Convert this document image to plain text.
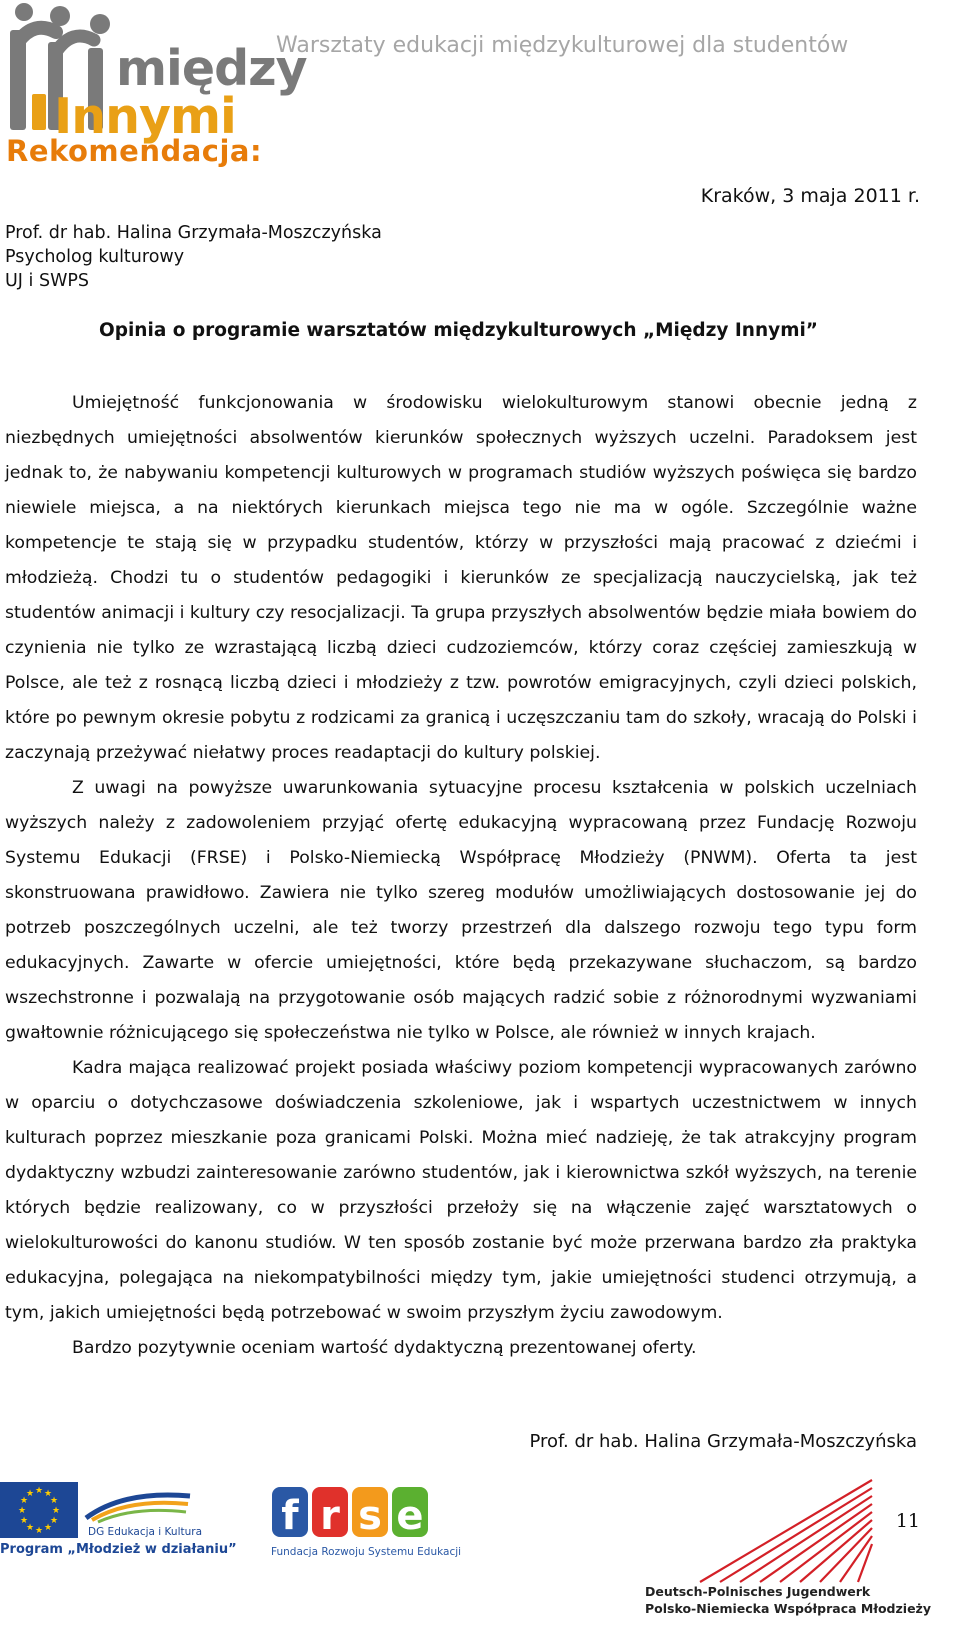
między
Innymi
Rekomendacja:
Warsztaty edukacji międzykulturowej dla studentów
Kraków, 3 maja 2011 r.
Prof. dr hab. Halina Grzymała-Moszczyńska
Psycholog kulturowy
UJ i SWPS
Opinia o programie warsztatów międzykulturowych „Między Innymi”

Umiejętność funkcjonowania w środowisku wielokulturowym stanowi obecnie jedną z niezbędnych umiejętności absolwentów kierunków społecznych wyższych uczelni. Paradoksem jest jednak to, że nabywaniu kompetencji kulturowych w programach studiów wyższych poświęca się bardzo niewiele miejsca, a na niektórych kierunkach miejsca tego nie ma w ogóle. Szczególnie ważne kompetencje te stają się w przypadku studentów, którzy w przyszłości mają pracować z dziećmi i młodzieżą. Chodzi tu o studentów pedagogiki i kierunków ze specjalizacją nauczycielską, jak też studentów animacji i kultury czy resocjalizacji. Ta grupa przyszłych absolwentów będzie miała bowiem do czynienia nie tylko ze wzrastającą liczbą dzieci cudzoziemców, którzy coraz częściej zamieszkują w Polsce, ale też z rosnącą liczbą dzieci i młodzieży z tzw. powrotów emigracyjnych, czyli dzieci polskich, które po pewnym okresie pobytu z rodzicami za granicą i uczęszczaniu tam do szkoły, wracają do Polski i zaczynają przeżywać niełatwy proces readaptacji do kultury polskiej.

Z uwagi na powyższe uwarunkowania sytuacyjne procesu kształcenia w polskich uczelniach wyższych należy z zadowoleniem przyjąć ofertę edukacyjną wypracowaną przez Fundację Rozwoju Systemu Edukacji (FRSE) i Polsko-Niemiecką Współpracę Młodzieży (PNWM). Oferta ta jest skonstruowana prawidłowo. Zawiera nie tylko szereg modułów umożliwiających dostosowanie jej do potrzeb poszczególnych uczelni, ale też tworzy przestrzeń dla dalszego rozwoju tego typu form edukacyjnych. Zawarte w ofercie umiejętności, które będą przekazywane słuchaczom, są bardzo wszechstronne i pozwalają na przygotowanie osób mających radzić sobie z różnorodnymi wyzwaniami gwałtownie różnicującego się społeczeństwa nie tylko w Polsce, ale również w innych krajach.

Kadra mająca realizować projekt posiada właściwy poziom kompetencji wypracowanych zarówno w oparciu o dotychczasowe doświadczenia szkoleniowe, jak i wspartych uczestnictwem w innych kulturach poprzez mieszkanie poza granicami Polski. Można mieć nadzieję, że tak atrakcyjny program dydaktyczny wzbudzi zainteresowanie zarówno studentów, jak i kierownictwa szkół wyższych, na terenie których będzie realizowany, co w przyszłości przełoży się na włączenie zajęć warsztatowych o wielokulturowości do kanonu studiów. W ten sposób zostanie być może przerwana bardzo zła praktyka edukacyjna, polegająca na niekompatybilności między tym, jakie umiejętności studenci otrzymują, a tym, jakich umiejętności będą potrzebować w swoim przyszłym życiu zawodowym.

Bardzo pozytywnie oceniam wartość dydaktyczną prezentowanej oferty.

Prof. dr hab. Halina Grzymała-Moszczyńska
★ ★
★
★
★
★
★
★
★
★
★
★
Program „Młodzież w działaniu”
DG Edukacja i Kultura f r s e
Fundacja Rozwoju Systemu Edukacji
Deutsch-Polnisches Jugendwerk
Polsko-Niemiecka Współpraca Młodzieży
11
